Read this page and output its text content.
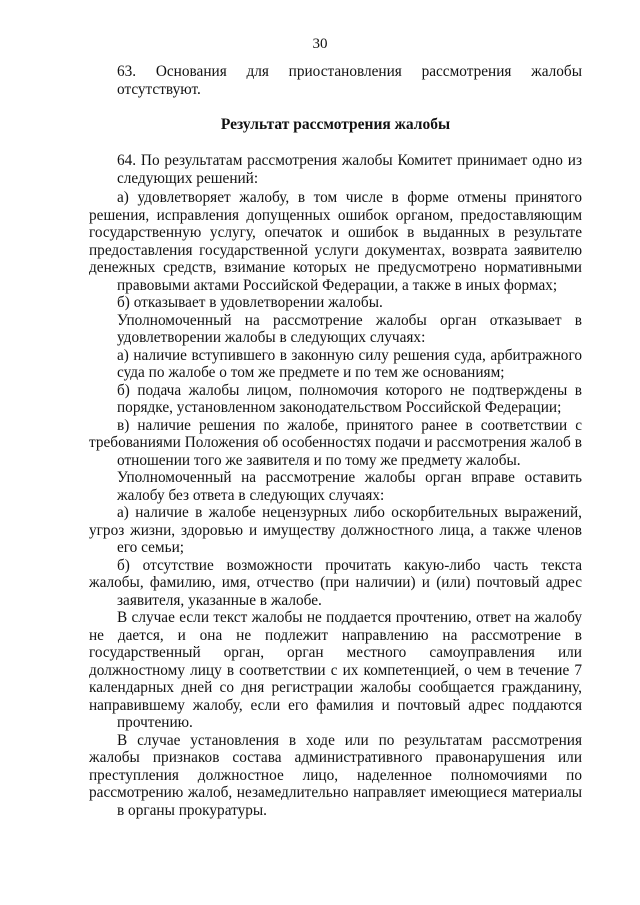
30

63.   Основания   для   приостановления   рассмотрения   жалобы
отсутствуют.

Результат рассмотрения жалобы

64. По результатам рассмотрения жалобы Комитет принимает одно из
следующих решений:

а) удовлетворяет жалобу, в том числе в форме отмены принятого решения, исправления допущенных ошибок органом, предоставляющим государственную услугу, опечаток и ошибок в выданных в результате предоставления государственной услуги документах, возврата заявителю денежных средств, взимание которых не предусмотрено нормативными
правовыми актами Российской Федерации, а также в иных формах;

б) отказывает в удовлетворении жалобы.

Уполномоченный на рассмотрение жалобы орган отказывает в
удовлетворении жалобы в следующих случаях:

а) наличие вступившего в законную силу решения суда, арбитражного
суда по жалобе о том же предмете и по тем же основаниям;

б) подача жалобы лицом, полномочия которого не подтверждены в
порядке, установленном законодательством Российской Федерации;

в) наличие решения по жалобе, принятого ранее в соответствии с требованиями Положения об особенностях подачи и рассмотрения жалоб в
отношении того же заявителя и по тому же предмету жалобы.

Уполномоченный на рассмотрение жалобы орган вправе оставить
жалобу без ответа в следующих случаях:

а) наличие в жалобе нецензурных либо оскорбительных выражений, угроз жизни, здоровью и имуществу должностного лица, а также членов
его семьи;

б) отсутствие возможности прочитать какую-либо часть текста жалобы, фамилию, имя, отчество (при наличии) и (или) почтовый адрес
заявителя, указанные в жалобе.

В случае если текст жалобы не поддается прочтению, ответ на жалобу не дается, и она не подлежит направлению на рассмотрение в государственный орган, орган местного самоуправления или должностному лицу в соответствии с их компетенцией, о чем в течение 7 календарных дней со дня регистрации жалобы сообщается гражданину, направившему жалобу, если его фамилия и почтовый адрес поддаются
прочтению.

В случае установления в ходе или по результатам рассмотрения жалобы признаков состава административного правонарушения или преступления должностное лицо, наделенное полномочиями по рассмотрению жалоб, незамедлительно направляет имеющиеся материалы
в органы прокуратуры.
